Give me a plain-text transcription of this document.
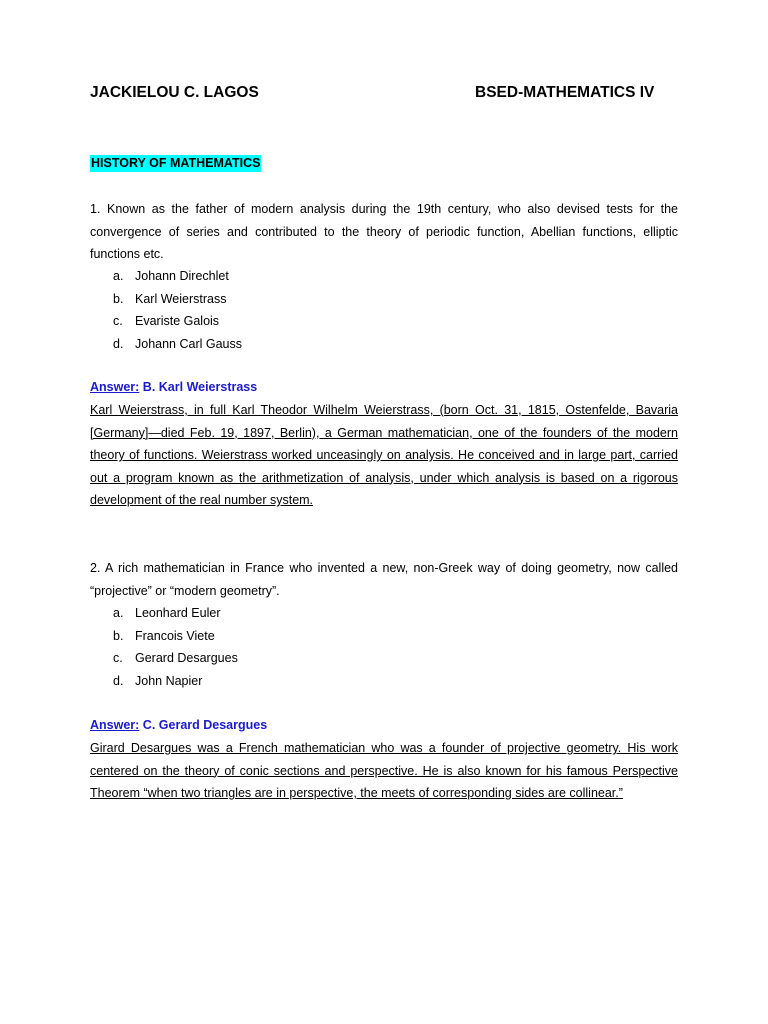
JACKIELOU C. LAGOS	BSED-MATHEMATICS IV
HISTORY OF MATHEMATICS
1. Known as the father of modern analysis during the 19th century, who also devised tests for the convergence of series and contributed to the theory of periodic function, Abellian functions, elliptic functions etc.
a. Johann Direchlet
b. Karl Weierstrass
c. Evariste Galois
d. Johann Carl Gauss
Answer: B. Karl Weierstrass
Karl Weierstrass, in full Karl Theodor Wilhelm Weierstrass, (born Oct. 31, 1815, Ostenfelde, Bavaria [Germany]—died Feb. 19, 1897, Berlin), a German mathematician, one of the founders of the modern theory of functions. Weierstrass worked unceasingly on analysis. He conceived and in large part, carried out a program known as the arithmetization of analysis, under which analysis is based on a rigorous development of the real number system.
2. A rich mathematician in France who invented a new, non-Greek way of doing geometry, now called “projective” or “modern geometry”.
a. Leonhard Euler
b. Francois Viete
c. Gerard Desargues
d. John Napier
Answer: C. Gerard Desargues
Girard Desargues was a French mathematician who was a founder of projective geometry. His work centered on the theory of conic sections and perspective. He is also known for his famous Perspective Theorem “when two triangles are in perspective, the meets of corresponding sides are collinear.”
